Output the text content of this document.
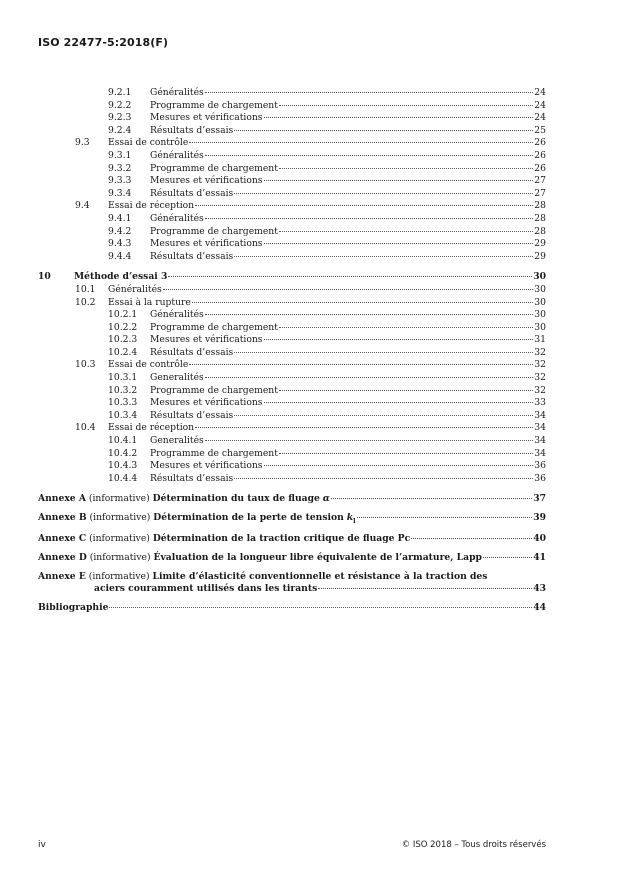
ISO 22477-5:2018(F)
9.2.1	Généralités	24
9.2.2	Programme de chargement	24
9.2.3	Mesures et vérifications	24
9.2.4	Résultats d’essais	25
9.3	Essai de contrôle	26
9.3.1	Généralités	26
9.3.2	Programme de chargement	26
9.3.3	Mesures et vérifications	27
9.3.4	Résultats d’essais	27
9.4	Essai de réception	28
9.4.1	Généralités	28
9.4.2	Programme de chargement	28
9.4.3	Mesures et vérifications	29
9.4.4	Résultats d’essais	29
10	Méthode d’essai 3	30
10.1	Généralités	30
10.2	Essai à la rupture	30
10.2.1	Généralités	30
10.2.2	Programme de chargement	30
10.2.3	Mesures et vérifications	31
10.2.4	Résultats d’essais	32
10.3	Essai de contrôle	32
10.3.1	Generalités	32
10.3.2	Programme de chargement	32
10.3.3	Mesures et vérifications	33
10.3.4	Résultats d’essais	34
10.4	Essai de réception	34
10.4.1	Generalités	34
10.4.2	Programme de chargement	34
10.4.3	Mesures et vérifications	36
10.4.4	Résultats d’essais	36
Annexe A (informative) Détermination du taux de fluage α	37
Annexe B (informative) Détermination de la perte de tension $k_l$	39
Annexe C (informative) Détermination de la traction critique de fluage Pc	40
Annexe D (informative) Évaluation de la longueur libre équivalente de l’armature, Lapp	41
Annexe E (informative) Limite d’élasticité conventionnelle et résistance à la traction des
aciers couramment utilisés dans les tirants	43
Bibliographie	44
iv	© ISO 2018 – Tous droits réservés
